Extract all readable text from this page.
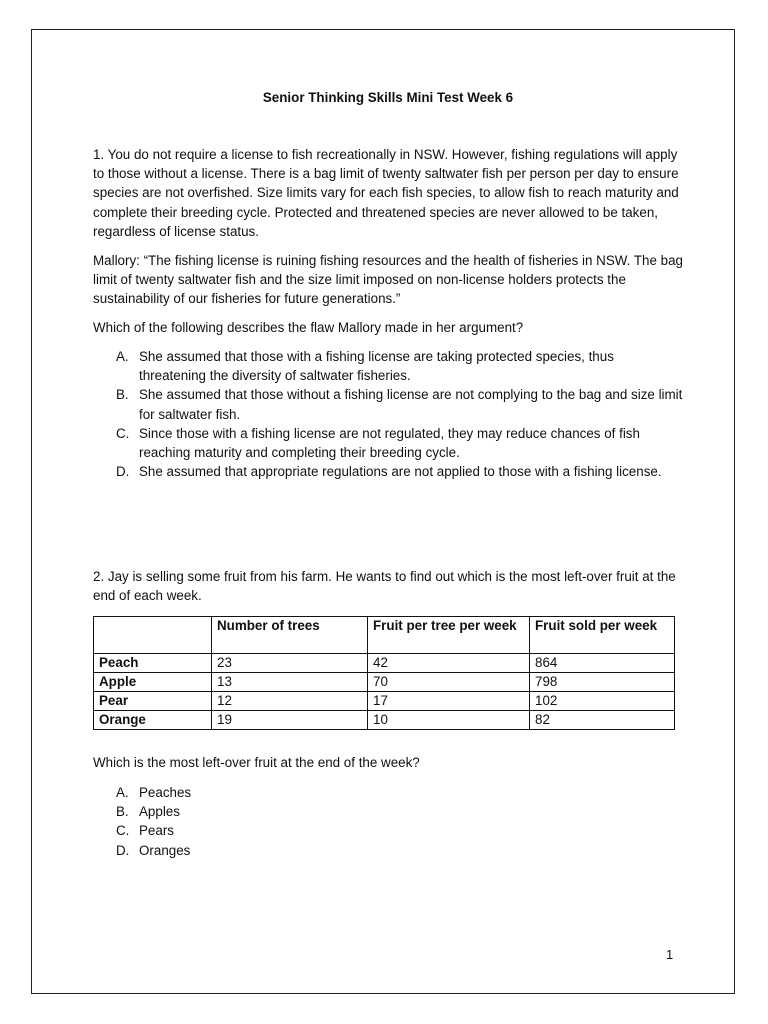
Senior Thinking Skills Mini Test Week 6

1. You do not require a license to fish recreationally in NSW. However, fishing regulations will apply to those without a license. There is a bag limit of twenty saltwater fish per person per day to ensure species are not overfished. Size limits vary for each fish species, to allow fish to reach maturity and complete their breeding cycle. Protected and threatened species are never allowed to be taken, regardless of license status.

Mallory: “The fishing license is ruining fishing resources and the health of fisheries in NSW. The bag limit of twenty saltwater fish and the size limit imposed on non-license holders protects the sustainability of our fisheries for future generations.”

Which of the following describes the flaw Mallory made in her argument?

A. She assumed that those with a fishing license are taking protected species, thus threatening the diversity of saltwater fisheries.
B. She assumed that those without a fishing license are not complying to the bag and size limit for saltwater fish.
C. Since those with a fishing license are not regulated, they may reduce chances of fish reaching maturity and completing their breeding cycle.
D. She assumed that appropriate regulations are not applied to those with a fishing license.

2. Jay is selling some fruit from his farm. He wants to find out which is the most left-over fruit at the end of each week.

	Number of trees	Fruit per tree per week	Fruit sold per week
Peach	23	42	864
Apple	13	70	798
Pear	12	17	102
Orange	19	10	82

Which is the most left-over fruit at the end of the week?

A. Peaches
B. Apples
C. Pears
D. Oranges
1
